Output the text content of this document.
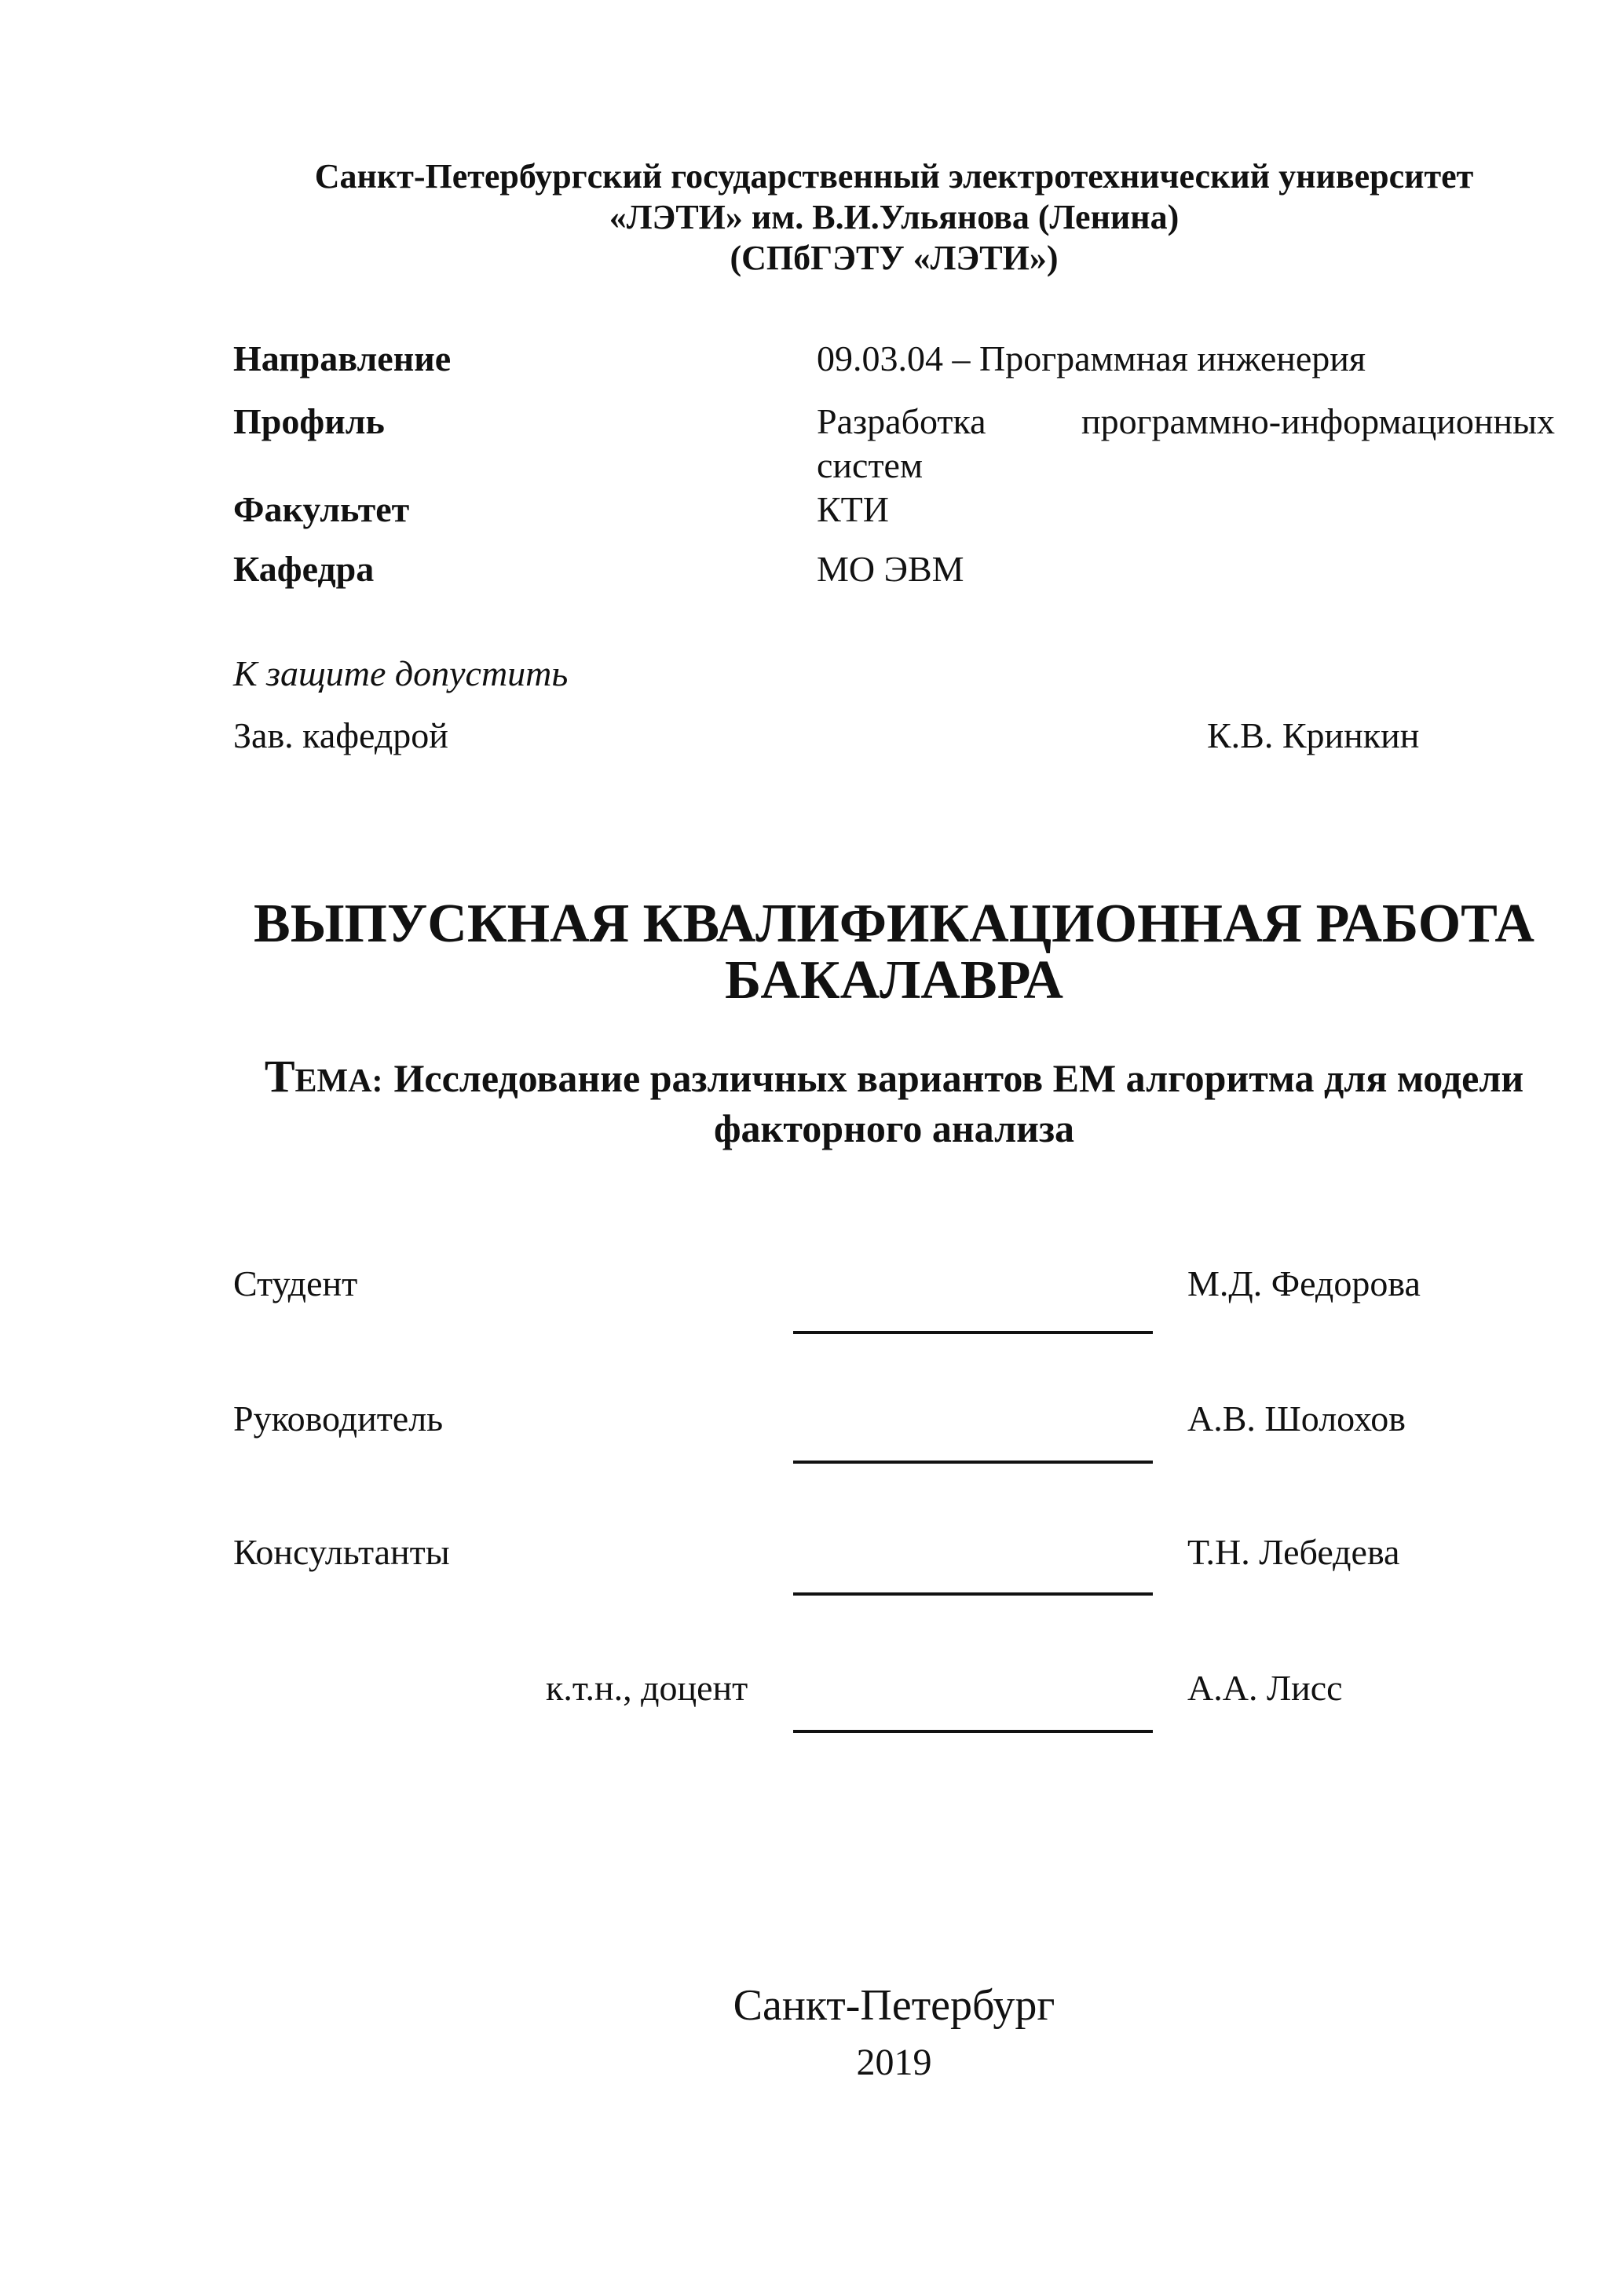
Санкт-Петербургский государственный электротехнический университет
«ЛЭТИ» им. В.И.Ульянова (Ленина)
(СПбГЭТУ «ЛЭТИ»)
Направление	09.03.04 – Программная инженерия
Профиль	Разработка	программно-информационных
систем
Факультет	КТИ
Кафедра	МО ЭВМ
К защите допустить
Зав. кафедрой	К.В. Кринкин
ВЫПУСКНАЯ КВАЛИФИКАЦИОННАЯ РАБОТА
БАКАЛАВРА
ТЕМА: Исследование различных вариантов ЕМ алгоритма для модели
факторного анализа
Студент	М.Д. Федорова
Руководитель	А.В. Шолохов
Консультанты	Т.Н. Лебедева
к.т.н., доцент	А.А. Лисс
Санкт-Петербург
2019
